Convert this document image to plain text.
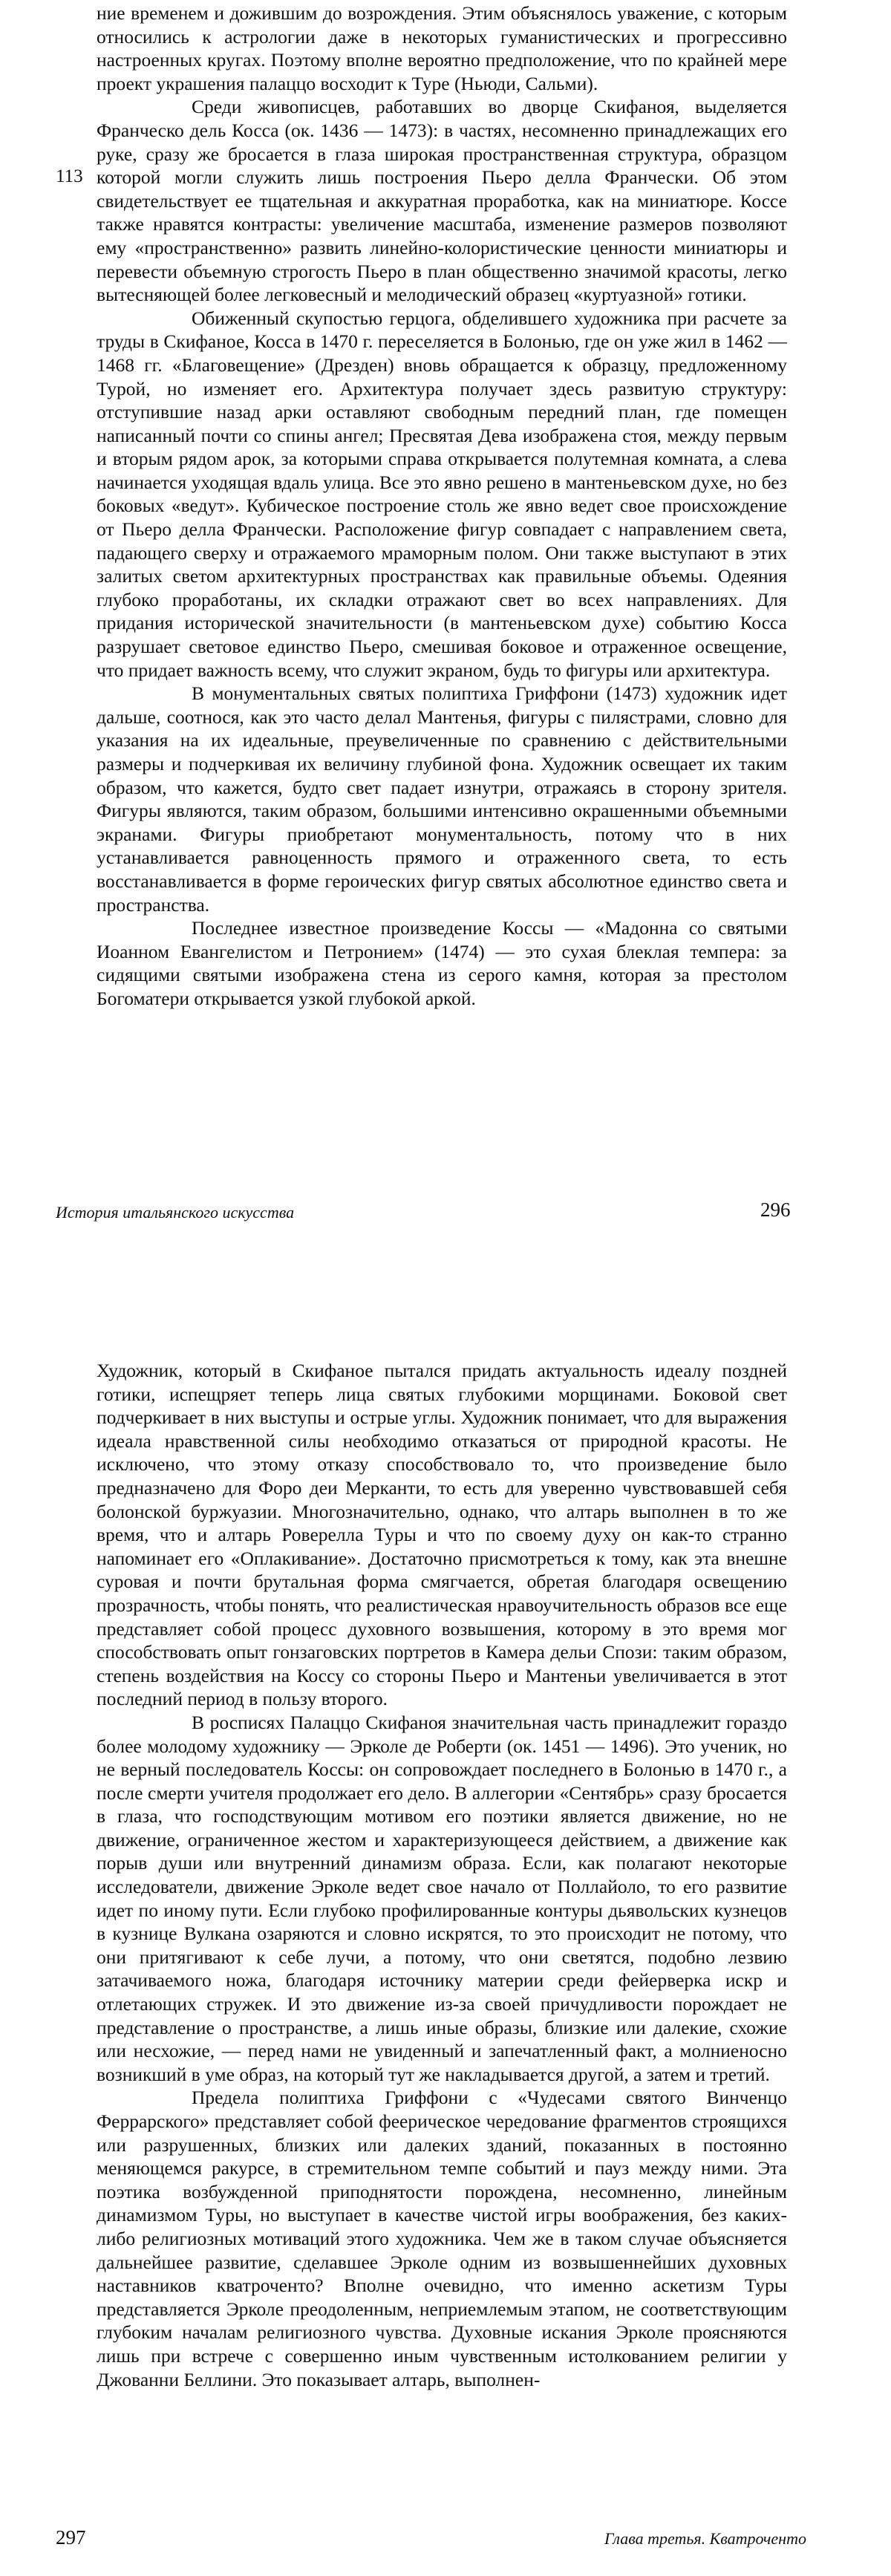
113

ние временем и дожившим до возрождения. Этим объяснялось уважение, с которым относились к астрологии даже в некоторых гуманистических и прогрессивно настроенных кругах. Поэтому вполне вероятно предположение, что по крайней мере проект украшения палаццо восходит к Туре (Ньюди, Сальми).

Среди живописцев, работавших во дворце Скифаноя, выделяется Франческо дель Косса (ок. 1436 — 1473): в частях, несомненно принадлежащих его руке, сразу же бросается в глаза широкая пространственная структура, образцом которой могли служить лишь построения Пьеро делла Франчески. Об этом свидетельствует ее тщательная и аккуратная проработка, как на миниатюре. Коссе также нравятся контрасты: увеличение масштаба, изменение размеров позволяют ему «пространственно» развить линейно-колористические ценности миниатюры и перевести объемную строгость Пьеро в план общественно значимой красоты, легко вытесняющей более легковесный и мелодический образец «куртуазной» готики.

Обиженный скупостью герцога, обделившего художника при расчете за труды в Скифаное, Косса в 1470 г. переселяется в Болонью, где он уже жил в 1462 — 1468 гг. «Благовещение» (Дрезден) вновь обращается к образцу, предложенному Турой, но изменяет его. Архитектура получает здесь развитую структуру: отступившие назад арки оставляют свободным передний план, где помещен написанный почти со спины ангел; Пресвятая Дева изображена стоя, между первым и вторым рядом арок, за которыми справа открывается полутемная комната, а слева начинается уходящая вдаль улица. Все это явно решено в мантеньевском духе, но без боковых «ведут». Кубическое построение столь же явно ведет свое происхождение от Пьеро делла Франчески. Расположение фигур совпадает с направлением света, падающего сверху и отражаемого мраморным полом. Они также выступают в этих залитых светом архитектурных пространствах как правильные объемы. Одеяния глубоко проработаны, их складки отражают свет во всех направлениях. Для придания исторической значительности (в мантеньевском духе) событию Косса разрушает световое единство Пьеро, смешивая боковое и отраженное освещение, что придает важность всему, что служит экраном, будь то фигуры или архитектура.

В монументальных святых полиптиха Гриффони (1473) художник идет дальше, соотнося, как это часто делал Мантенья, фигуры с пилястрами, словно для указания на их идеальные, преувеличенные по сравнению с действительными размеры и подчеркивая их величину глубиной фона. Художник освещает их таким образом, что кажется, будто свет падает изнутри, отражаясь в сторону зрителя. Фигуры являются, таким образом, большими интенсивно окрашенными объемными экранами. Фигуры приобретают монументальность, потому что в них устанавливается равноценность прямого и отраженного света, то есть восстанавливается в форме героических фигур святых абсолютное единство света и пространства.

Последнее известное произведение Коссы — «Мадонна со святыми Иоанном Евангелистом и Петронием» (1474) — это сухая блеклая темпера: за сидящими святыми изображена стена из серого камня, которая за престолом Богоматери открывается узкой глубокой аркой.

История итальянского искусства	296

Художник, который в Скифаное пытался придать актуальность идеалу поздней готики, испещряет теперь лица святых глубокими морщинами. Боковой свет подчеркивает в них выступы и острые углы. Художник понимает, что для выражения идеала нравственной силы необходимо отказаться от природной красоты. Не исключено, что этому отказу способствовало то, что произведение было предназначено для Форо деи Мерканти, то есть для уверенно чувствовавшей себя болонской буржуазии. Многозначительно, однако, что алтарь выполнен в то же время, что и алтарь Ровереллa Туры и что по своему духу он как-то странно напоминает его «Оплакивание». Достаточно присмотреться к тому, как эта внешне суровая и почти брутальная форма смягчается, обретая благодаря освещению прозрачность, чтобы понять, что реалистическая нравоучительность образов все еще представляет собой процесс духовного возвышения, которому в это время мог способствовать опыт гонзаговских портретов в Камера дельи Спози: таким образом, степень воздействия на Коссу со стороны Пьеро и Мантеньи увеличивается в этот последний период в пользу второго.

В росписях Палаццо Скифаноя значительная часть принадлежит гораздо более молодому художнику — Эрколе де Роберти (ок. 1451 — 1496). Это ученик, но не верный последователь Коссы: он сопровождает последнего в Болонью в 1470 г., а после смерти учителя продолжает его дело. В аллегории «Сентябрь» сразу бросается в глаза, что господствующим мотивом его поэтики является движение, но не движение, ограниченное жестом и характеризующееся действием, а движение как порыв души или внутренний динамизм образа. Если, как полагают некоторые исследователи, движение Эрколе ведет свое начало от Поллайоло, то его развитие идет по иному пути. Если глубоко профилированные контуры дьявольских кузнецов в кузнице Вулкана озаряются и словно искрятся, то это происходит не потому, что они притягивают к себе лучи, а потому, что они светятся, подобно лезвию затачиваемого ножа, благодаря источнику материи среди фейерверка искр и отлетающих стружек. И это движение из-за своей причудливости порождает не представление о пространстве, а лишь иные образы, близкие или далекие, схожие или несхожие, — перед нами не увиденный и запечатленный факт, а молниеносно возникший в уме образ, на который тут же накладывается другой, а затем и третий.

Предела полиптиха Гриффони с «Чудесами святого Винченцо Феррарского» представляет собой феерическое чередование фрагментов строящихся или разрушенных, близких или далеких зданий, показанных в постоянно меняющемся ракурсе, в стремительном темпе событий и пауз между ними. Эта поэтика возбужденной приподнятости порождена, несомненно, линейным динамизмом Туры, но выступает в качестве чистой игры воображения, без каких-либо религиозных мотиваций этого художника. Чем же в таком случае объясняется дальнейшее развитие, сделавшее Эрколе одним из возвышеннейших духовных наставников кватроченто? Вполне очевидно, что именно аскетизм Туры представляется Эрколе преодоленным, неприемлемым этапом, не соответствующим глубоким началам религиозного чувства. Духовные искания Эрколе проясняются лишь при встрече с совершенно иным чувственным истолкованием религии у Джованни Беллини. Это показывает алтарь, выполнен-

297	Глава третья. Кватроченто
